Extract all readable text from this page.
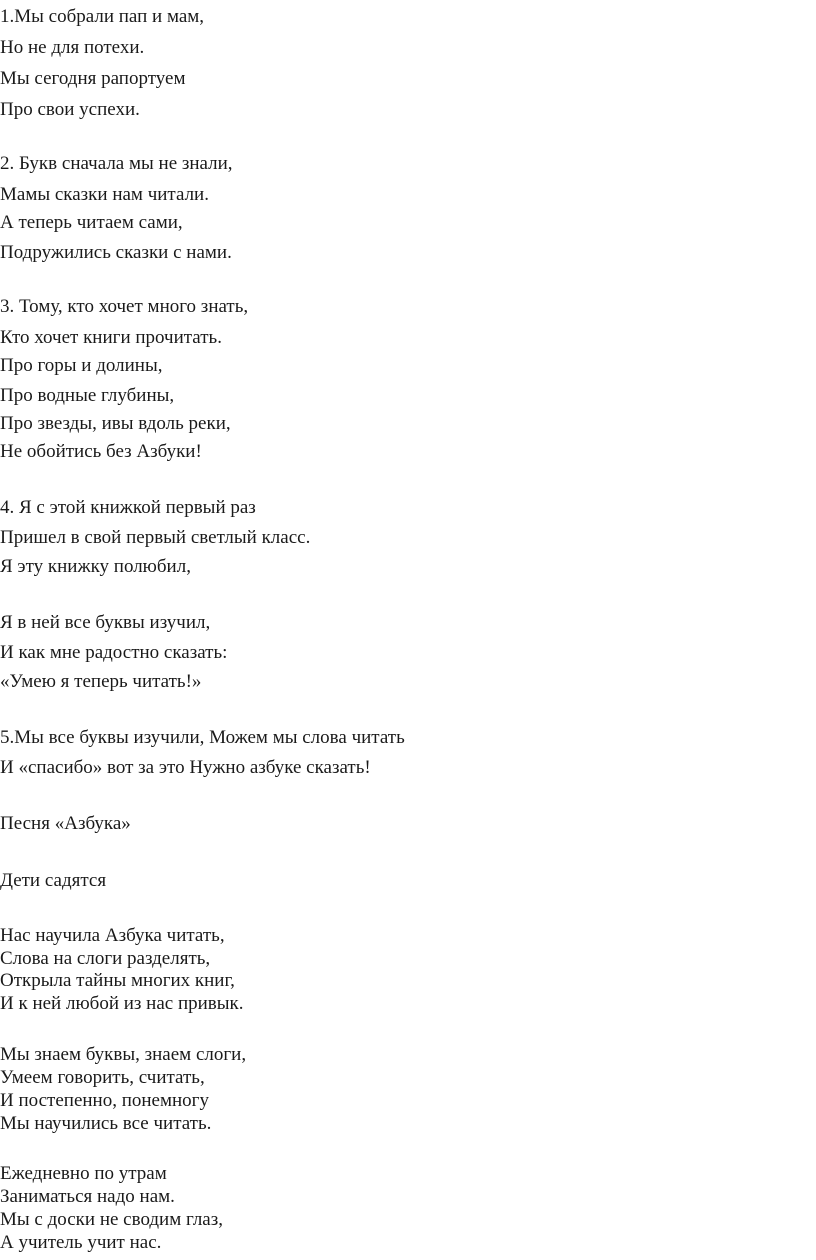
1.Мы собрали пап и мам,
Но не для потехи.
Мы сегодня рапортуем
Про свои успехи.
2. Букв сначала мы не знали,
Мамы сказки нам читали.
А теперь читаем сами,
Подружились сказки с нами.
3. Тому, кто хочет много знать,
Кто хочет книги прочитать.
Про горы и долины,
Про водные глубины,
Про звезды, ивы вдоль реки,
Не обойтись без Азбуки!
4. Я с этой книжкой первый раз
Пришел в свой первый светлый класс.
Я эту книжку полюбил,
Я в ней все буквы изучил,
И как мне радостно сказать:
«Умею я теперь читать!»
5.Мы все буквы изучили, Можем мы слова читать
И «спасибо» вот за это Нужно азбуке сказать!
Песня «Азбука»
Дети садятся
Нас научила Азбука читать,
Слова на слоги разделять,
Открыла тайны многих книг,
И к ней любой из нас привык.
Мы знаем буквы, знаем слоги,
Умеем говорить, считать,
И постепенно, понемногу
Мы научились все читать.
Ежедневно по утрам
Заниматься надо нам.
Мы с доски не сводим глаз,
А учитель учит нас.
